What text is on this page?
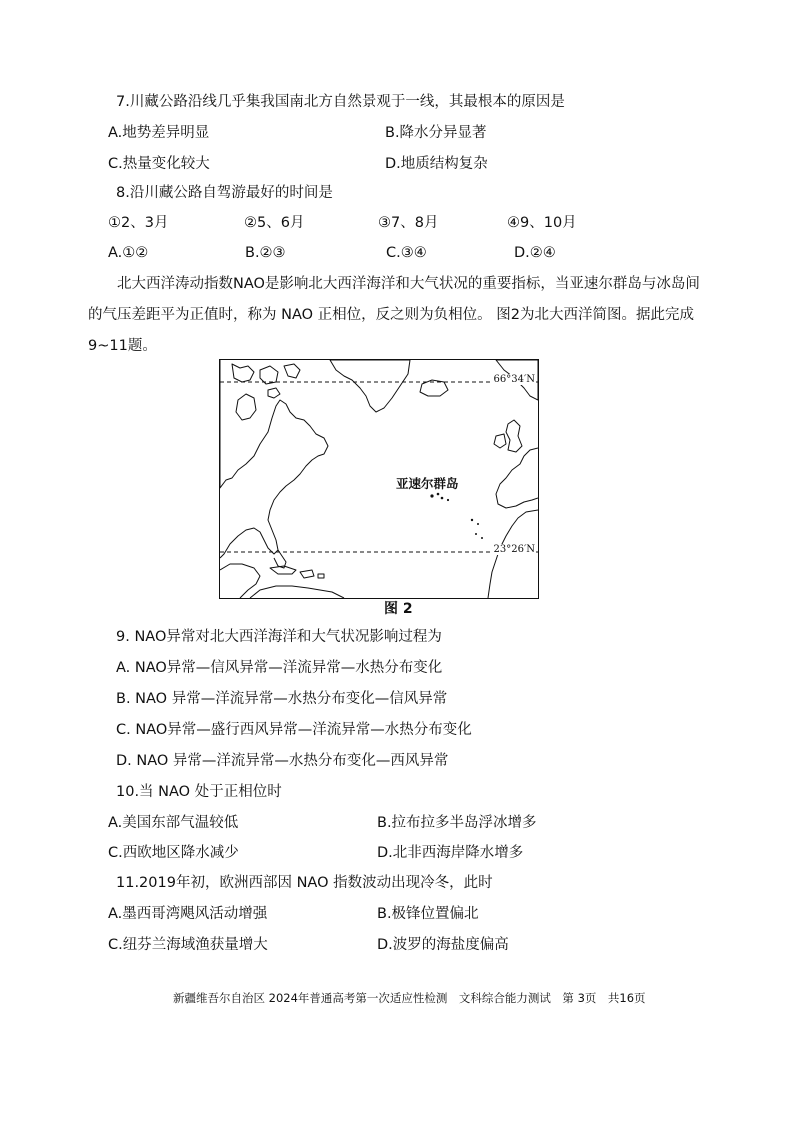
7.川藏公路沿线几乎集我国南北方自然景观于一线，其最根本的原因是
A.地势差异明显	B.降水分异显著
C.热量变化较大	D.地质结构复杂
8.沿川藏公路自驾游最好的时间是
①2、3月	②5、6月	③7、8月	④9、10月
A.①②	B.②③	C.③④	D.②④
北大西洋涛动指数NAO是影响北大西洋海洋和大气状况的重要指标，当亚速尔群岛与冰岛间的气压差距平为正值时，称为 NAO 正相位，反之则为负相位。 图2为北大西洋简图。据此完成 9~11题。
66°34′N
23°26′N
亚速尔群岛
图 2
9. NAO异常对北大西洋海洋和大气状况影响过程为
A. NAO异常—信风异常—洋流异常—水热分布变化
B. NAO 异常—洋流异常—水热分布变化—信风异常
C. NAO异常—盛行西风异常—洋流异常—水热分布变化
D. NAO 异常—洋流异常—水热分布变化—西风异常
10.当 NAO 处于正相位时
A.美国东部气温较低	B.拉布拉多半岛浮冰增多
C.西欧地区降水减少	D.北非西海岸降水增多
11.2019年初，欧洲西部因 NAO 指数波动出现冷冬，此时
A.墨西哥湾飓风活动增强	B.极锋位置偏北
C.纽芬兰海域渔获量增大	D.波罗的海盐度偏高
新疆维吾尔自治区 2024年普通高考第一次适应性检测　文科综合能力测试　第 3页　共16页
